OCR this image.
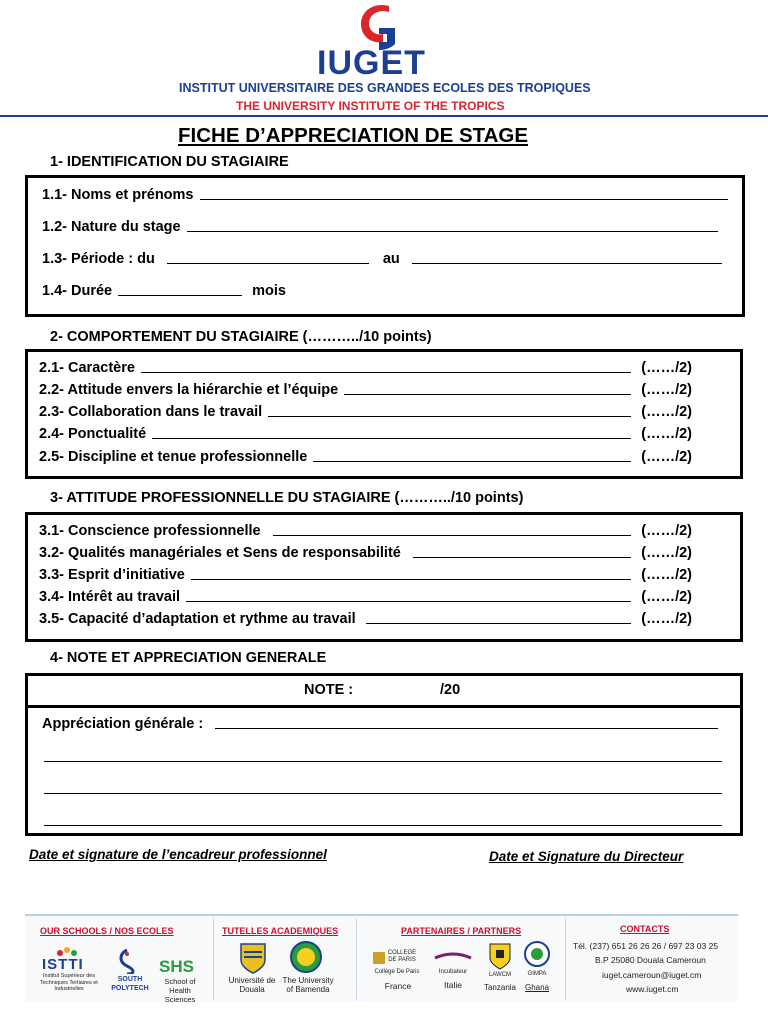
IUGET
INSTITUT UNIVERSITAIRE DES GRANDES ECOLES DES TROPIQUES
THE UNIVERSITY INSTITUTE OF THE TROPICS
FICHE D’APPRECIATION DE STAGE
1- IDENTIFICATION DU STAGIAIRE
1.1- Noms et prénoms
1.2- Nature du stage
1.3- Période : du	au
1.4- Durée	mois
2- COMPORTEMENT DU STAGIAIRE (………../10 points)
2.1- Caractère	(……/2)
2.2- Attitude envers la hiérarchie et l’équipe	(……/2)
2.3- Collaboration dans le travail	(……/2)
2.4- Ponctualité	(……/2)
2.5- Discipline et tenue professionnelle	(……/2)
3- ATTITUDE PROFESSIONNELLE DU STAGIAIRE (………../10 points)
3.1- Conscience professionnelle	(……/2)
3.2- Qualités managériales et Sens de responsabilité	(……/2)
3.3- Esprit d’initiative	(……/2)
3.4- Intérêt au travail	(……/2)
3.5- Capacité d’adaptation et rythme au travail	(……/2)
4- NOTE ET APPRECIATION GENERALE
NOTE :	/20
Appréciation générale :
Date et signature de l’encadreur professionnel	Date et Signature du Directeur
OUR SCHOOLS / NOS ECOLES
ISTTI
Institut Supérieur des Techniques Tertiaires et Industrielles
SOUTH POLYTECH
SHS
School of Health Sciences
TUTELLES ACADEMIQUES
Université de Douala
The University of Bamenda
PARTENAIRES / PARTNERS
COLLEGE DE PARIS
Collège De Paris
France
Incubateur
Italie
LAWCM
Tanzania
GIMPA
Ghana
CONTACTS
Tél. (237) 651 26 26 26 / 697 23 03 25
B.P 25080 Douala Cameroun
iuget.cameroun@iuget.cm
www.iuget.cm
